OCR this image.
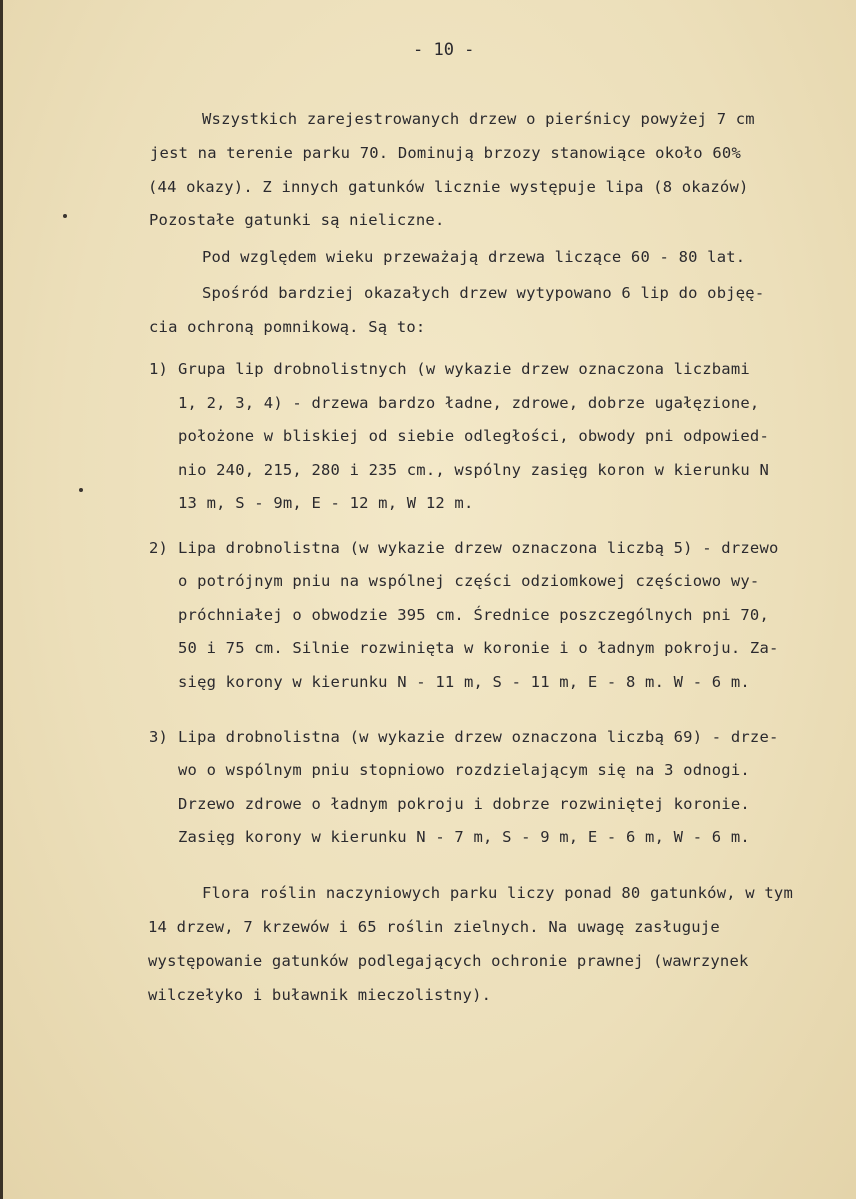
- 10 -
Wszystkich zarejestrowanych drzew o pierśnicy powyżej 7 cm
jest na terenie parku 70. Dominują brzozy stanowiące około 60%
(44 okazy). Z innych gatunków licznie występuje lipa (8 okazów)
Pozostałe gatunki są nieliczne.
Pod względem wieku przeważają drzewa liczące 60 - 80 lat.
Spośród bardziej okazałych drzew wytypowano 6 lip do objęę-
cia ochroną pomnikową. Są to:
1) Grupa lip drobnolistnych (w wykazie drzew oznaczona liczbami
1, 2, 3, 4) - drzewa bardzo ładne, zdrowe, dobrze ugałęzione,
położone w bliskiej od siebie odległości, obwody pni odpowied-
nio 240, 215, 280 i 235 cm., wspólny zasięg koron w kierunku N
13 m, S - 9m, E - 12 m, W 12 m.
2) Lipa drobnolistna (w wykazie drzew oznaczona liczbą 5) - drzewo
o potrójnym pniu na wspólnej części odziomkowej częściowo wy-
próchniałej o obwodzie 395 cm. Średnice poszczególnych pni 70,
50 i 75 cm. Silnie rozwinięta w koronie i o ładnym pokroju. Za-
sięg korony w kierunku N - 11 m, S - 11 m, E - 8 m. W - 6 m.
3) Lipa drobnolistna (w wykazie drzew oznaczona liczbą 69) - drze-
wo o wspólnym pniu stopniowo rozdzielającym się na 3 odnogi.
Drzewo zdrowe o ładnym pokroju i dobrze rozwiniętej koronie.
Zasięg korony w kierunku N - 7 m, S - 9 m, E - 6 m, W - 6 m.
Flora roślin naczyniowych parku liczy ponad 80 gatunków, w tym
14 drzew, 7 krzewów i 65 roślin zielnych. Na uwagę zasługuje
występowanie gatunków podlegających ochronie prawnej (wawrzynek
wilczełyko i buławnik mieczolistny).
